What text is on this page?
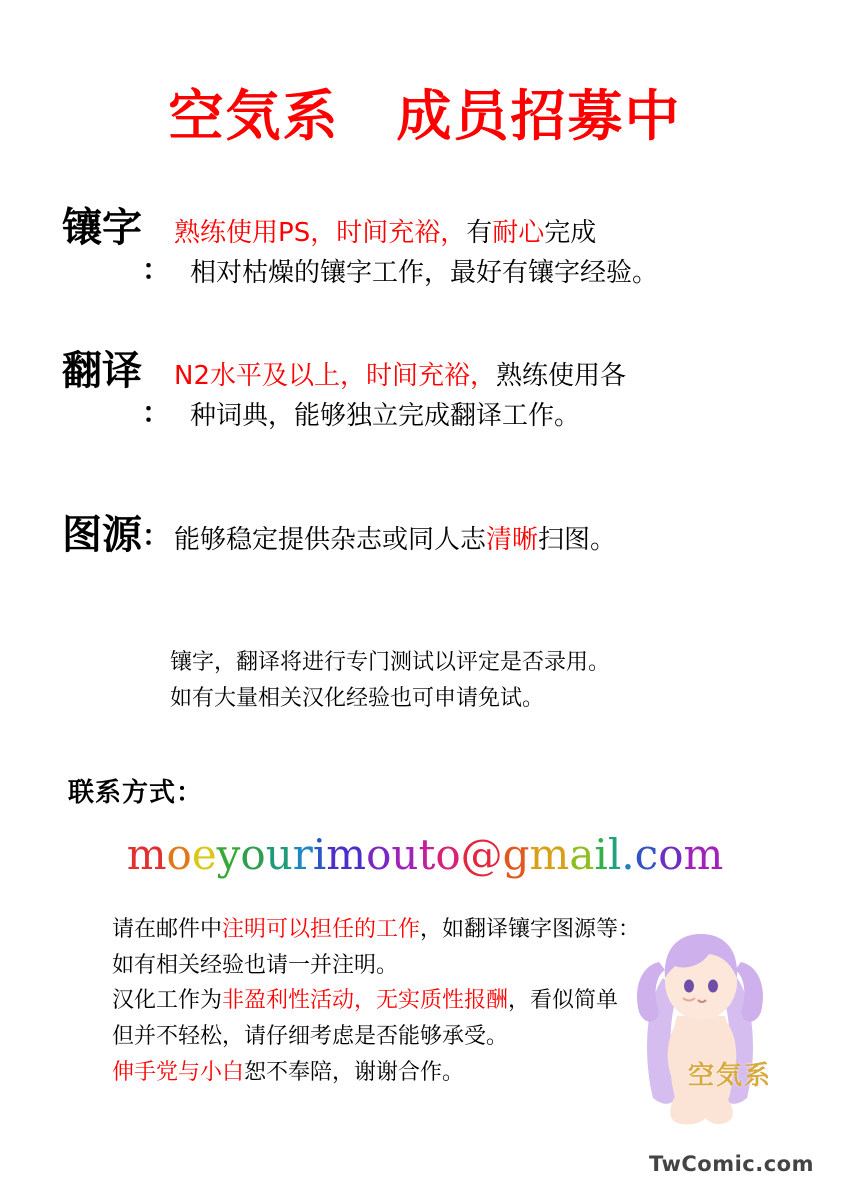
空気系　成员招募中
镶字
：
熟练使用PS，时间充裕，有耐心完成
相对枯燥的镶字工作，最好有镶字经验。
翻译
：
N2水平及以上，时间充裕，熟练使用各
种词典，能够独立完成翻译工作。
图源 ： 能够稳定提供杂志或同人志清晰扫图。
镶字，翻译将进行专门测试以评定是否录用。
如有大量相关汉化经验也可申请免试。
联系方式：
moeyourimouto@gmail.com
请在邮件中注明可以担任的工作，如翻译镶字图源等：
如有相关经验也请一并注明。
汉化工作为非盈利性活动，无实质性报酬，看似简单
但并不轻松，请仔细考虑是否能够承受。
伸手党与小白恕不奉陪，谢谢合作。	空気系
TwComic.com
